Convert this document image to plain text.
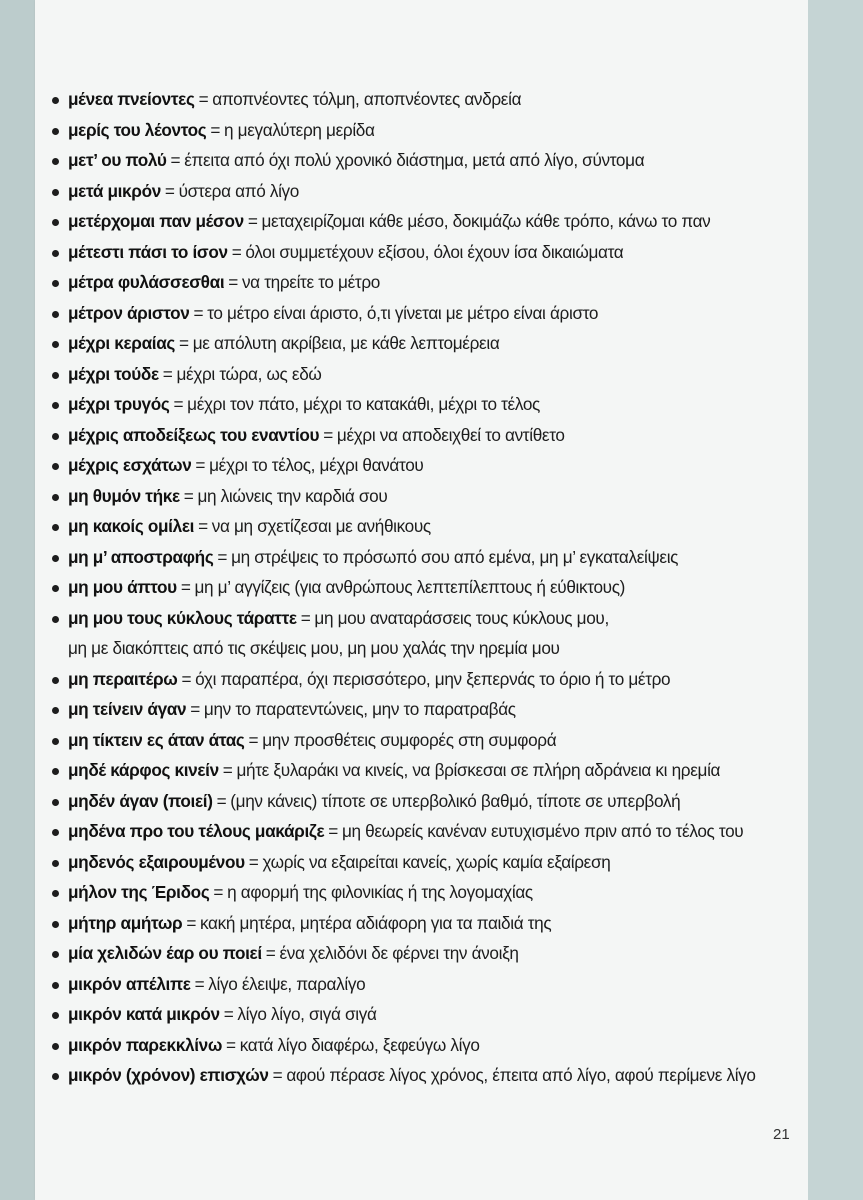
μένεα πνείοντες = αποπνέοντες τόλμη, αποπνέοντες ανδρεία
μερίς του λέοντος = η μεγαλύτερη μερίδα
μετ’ ου πολύ = έπειτα από όχι πολύ χρονικό διάστημα, μετά από λίγο, σύντομα
μετά μικρόν = ύστερα από λίγο
μετέρχομαι παν μέσον = μεταχειρίζομαι κάθε μέσο, δοκιμάζω κάθε τρόπο, κάνω το παν
μέτεστι πάσι το ίσον = όλοι συμμετέχουν εξίσου, όλοι έχουν ίσα δικαιώματα
μέτρα φυλάσσεσθαι = να τηρείτε το μέτρο
μέτρον άριστον = το μέτρο είναι άριστο, ό,τι γίνεται με μέτρο είναι άριστο
μέχρι κεραίας = με απόλυτη ακρίβεια, με κάθε λεπτομέρεια
μέχρι τούδε = μέχρι τώρα, ως εδώ
μέχρι τρυγός = μέχρι τον πάτο, μέχρι το κατακάθι, μέχρι το τέλος
μέχρις αποδείξεως του εναντίου = μέχρι να αποδειχθεί το αντίθετο
μέχρις εσχάτων = μέχρι το τέλος, μέχρι θανάτου
μη θυμόν τήκε = μη λιώνεις την καρδιά σου
μη κακοίς ομίλει = να μη σχετίζεσαι με ανήθικους
μη μ’ αποστραφής = μη στρέψεις το πρόσωπό σου από εμένα, μη μ’ εγκαταλείψεις
μη μου άπτου = μη μ’ αγγίζεις (για ανθρώπους λεπτεπίλεπτους ή εύθικτους)
μη μου τους κύκλους τάραττε = μη μου αναταράσσεις τους κύκλους μου,
μη με διακόπτεις από τις σκέψεις μου, μη μου χαλάς την ηρεμία μου
μη περαιτέρω = όχι παραπέρα, όχι περισσότερο, μην ξεπερνάς το όριο ή το μέτρο
μη τείνειν άγαν = μην το παρατεντώνεις, μην το παρατραβάς
μη τίκτειν ες άταν άτας = μην προσθέτεις συμφορές στη συμφορά
μηδέ κάρφος κινείν = μήτε ξυλαράκι να κινείς, να βρίσκεσαι σε πλήρη αδράνεια κι ηρεμία
μηδέν άγαν (ποιεί) = (μην κάνεις) τίποτε σε υπερβολικό βαθμό, τίποτε σε υπερβολή
μηδένα προ του τέλους μακάριζε = μη θεωρείς κανέναν ευτυχισμένο πριν από το τέλος του
μηδενός εξαιρουμένου = χωρίς να εξαιρείται κανείς, χωρίς καμία εξαίρεση
μήλον της Έριδος = η αφορμή της φιλονικίας ή της λογομαχίας
μήτηρ αμήτωρ = κακή μητέρα, μητέρα αδιάφορη για τα παιδιά της
μία χελιδών έαρ ου ποιεί = ένα χελιδόνι δε φέρνει την άνοιξη
μικρόν απέλιπε = λίγο έλειψε, παραλίγο
μικρόν κατά μικρόν = λίγο λίγο, σιγά σιγά
μικρόν παρεκκλίνω = κατά λίγο διαφέρω, ξεφεύγω λίγο
μικρόν (χρόνον) επισχών = αφού πέρασε λίγος χρόνος, έπειτα από λίγο, αφού περίμενε λίγο
21
